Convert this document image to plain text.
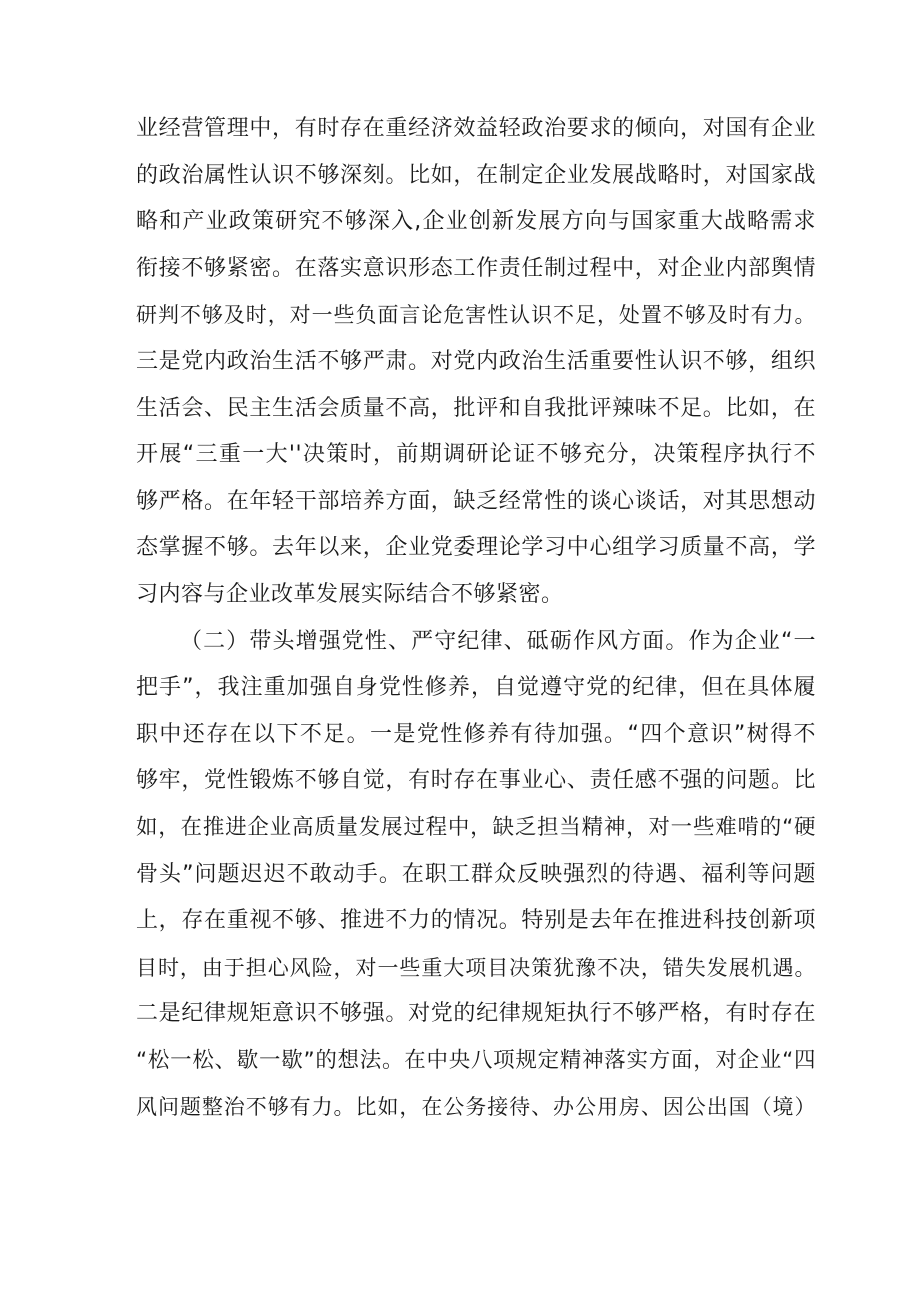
业经营管理中，有时存在重经济效益轻政治要求的倾向，对国有企业
的政治属性认识不够深刻。比如，在制定企业发展战略时，对国家战
略和产业政策研究不够深入,企业创新发展方向与国家重大战略需求
衔接不够紧密。在落实意识形态工作责任制过程中，对企业内部舆情
研判不够及时，对一些负面言论危害性认识不足，处置不够及时有力。
三是党内政治生活不够严肃。对党内政治生活重要性认识不够，组织
生活会、民主生活会质量不高，批评和自我批评辣味不足。比如，在
开展“三重一大''决策时，前期调研论证不够充分，决策程序执行不
够严格。在年轻干部培养方面，缺乏经常性的谈心谈话，对其思想动
态掌握不够。去年以来，企业党委理论学习中心组学习质量不高，学
习内容与企业改革发展实际结合不够紧密。
（二）带头增强党性、严守纪律、砥砺作风方面。作为企业“一
把手”，我注重加强自身党性修养，自觉遵守党的纪律，但在具体履
职中还存在以下不足。一是党性修养有待加强。“四个意识”树得不
够牢，党性锻炼不够自觉，有时存在事业心、责任感不强的问题。比
如，在推进企业高质量发展过程中，缺乏担当精神，对一些难啃的“硬
骨头”问题迟迟不敢动手。在职工群众反映强烈的待遇、福利等问题
上，存在重视不够、推进不力的情况。特别是去年在推进科技创新项
目时，由于担心风险，对一些重大项目决策犹豫不决，错失发展机遇。
二是纪律规矩意识不够强。对党的纪律规矩执行不够严格，有时存在
“松一松、歇一歇”的想法。在中央八项规定精神落实方面，对企业“四
风问题整治不够有力。比如，在公务接待、办公用房、因公出国（境）
